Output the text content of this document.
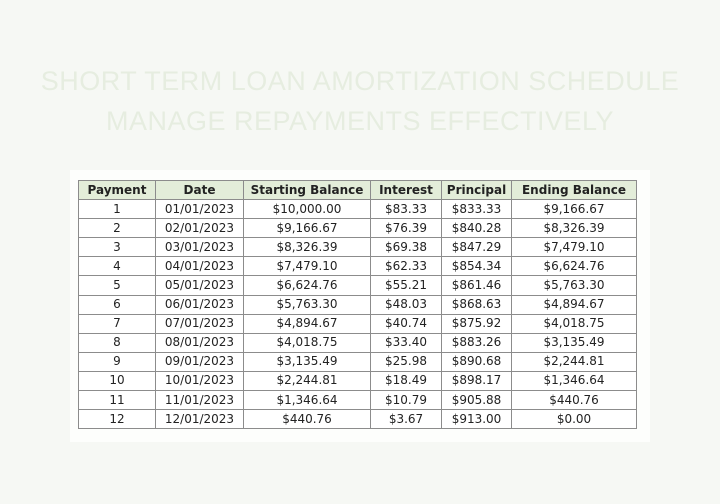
SHORT TERM LOAN AMORTIZATION SCHEDULE
MANAGE REPAYMENTS EFFECTIVELY
Payment	Date	Starting Balance	Interest	Principal	Ending Balance
1	01/01/2023	$10,000.00	$83.33	$833.33	$9,166.67
2	02/01/2023	$9,166.67	$76.39	$840.28	$8,326.39
3	03/01/2023	$8,326.39	$69.38	$847.29	$7,479.10
4	04/01/2023	$7,479.10	$62.33	$854.34	$6,624.76
5	05/01/2023	$6,624.76	$55.21	$861.46	$5,763.30
6	06/01/2023	$5,763.30	$48.03	$868.63	$4,894.67
7	07/01/2023	$4,894.67	$40.74	$875.92	$4,018.75
8	08/01/2023	$4,018.75	$33.40	$883.26	$3,135.49
9	09/01/2023	$3,135.49	$25.98	$890.68	$2,244.81
10	10/01/2023	$2,244.81	$18.49	$898.17	$1,346.64
11	11/01/2023	$1,346.64	$10.79	$905.88	$440.76
12	12/01/2023	$440.76	$3.67	$913.00	$0.00
